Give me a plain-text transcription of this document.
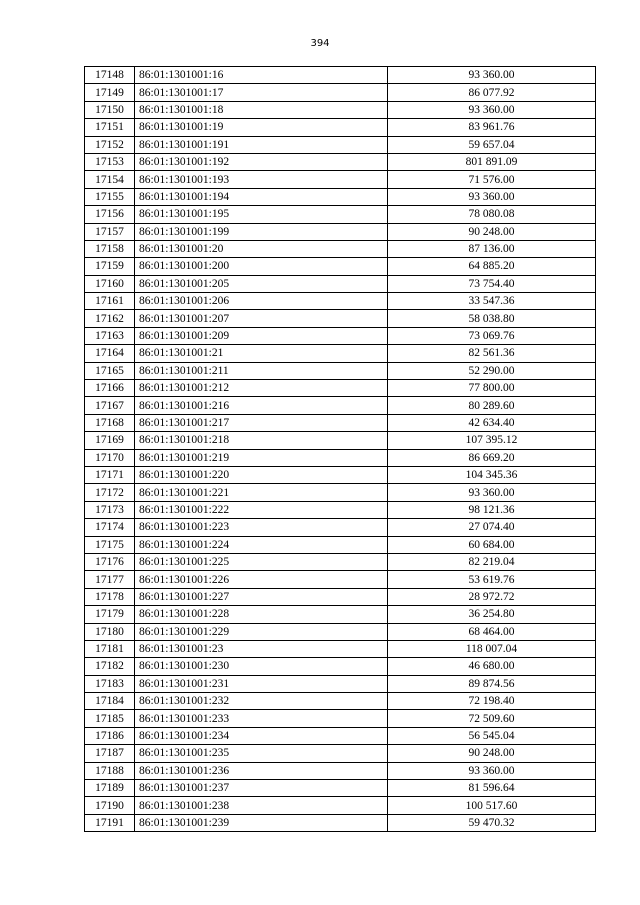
394
17148	86:01:1301001:16	93 360.00
17149	86:01:1301001:17	86 077.92
17150	86:01:1301001:18	93 360.00
17151	86:01:1301001:19	83 961.76
17152	86:01:1301001:191	59 657.04
17153	86:01:1301001:192	801 891.09
17154	86:01:1301001:193	71 576.00
17155	86:01:1301001:194	93 360.00
17156	86:01:1301001:195	78 080.08
17157	86:01:1301001:199	90 248.00
17158	86:01:1301001:20	87 136.00
17159	86:01:1301001:200	64 885.20
17160	86:01:1301001:205	73 754.40
17161	86:01:1301001:206	33 547.36
17162	86:01:1301001:207	58 038.80
17163	86:01:1301001:209	73 069.76
17164	86:01:1301001:21	82 561.36
17165	86:01:1301001:211	52 290.00
17166	86:01:1301001:212	77 800.00
17167	86:01:1301001:216	80 289.60
17168	86:01:1301001:217	42 634.40
17169	86:01:1301001:218	107 395.12
17170	86:01:1301001:219	86 669.20
17171	86:01:1301001:220	104 345.36
17172	86:01:1301001:221	93 360.00
17173	86:01:1301001:222	98 121.36
17174	86:01:1301001:223	27 074.40
17175	86:01:1301001:224	60 684.00
17176	86:01:1301001:225	82 219.04
17177	86:01:1301001:226	53 619.76
17178	86:01:1301001:227	28 972.72
17179	86:01:1301001:228	36 254.80
17180	86:01:1301001:229	68 464.00
17181	86:01:1301001:23	118 007.04
17182	86:01:1301001:230	46 680.00
17183	86:01:1301001:231	89 874.56
17184	86:01:1301001:232	72 198.40
17185	86:01:1301001:233	72 509.60
17186	86:01:1301001:234	56 545.04
17187	86:01:1301001:235	90 248.00
17188	86:01:1301001:236	93 360.00
17189	86:01:1301001:237	81 596.64
17190	86:01:1301001:238	100 517.60
17191	86:01:1301001:239	59 470.32
